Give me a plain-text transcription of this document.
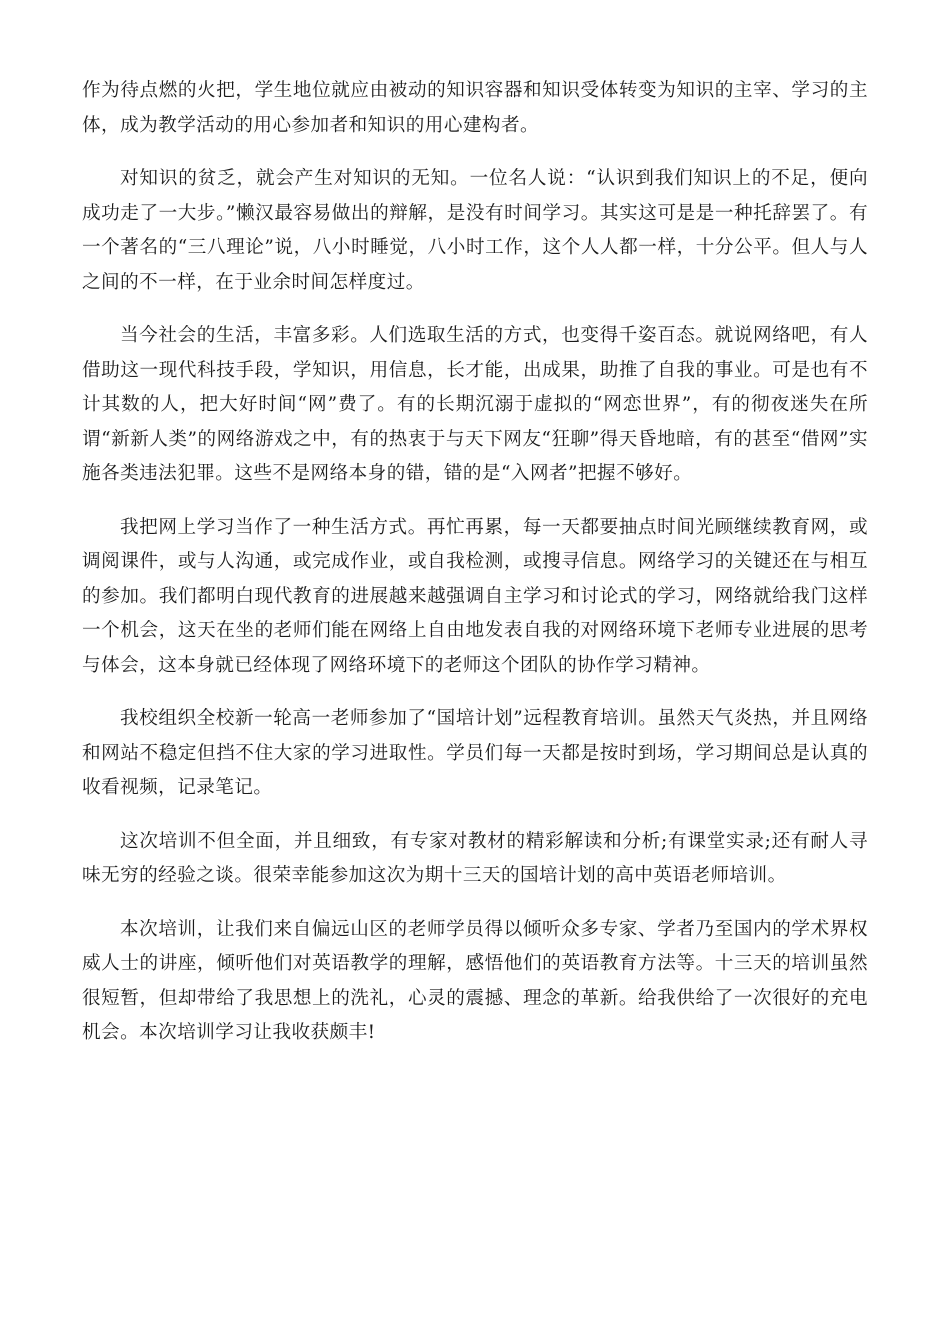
作为待点燃的火把，学生地位就应由被动的知识容器和知识受体转变为知识的主宰、学习的主体，成为教学活动的用心参加者和知识的用心建构者。

对知识的贫乏，就会产生对知识的无知。一位名人说：“认识到我们知识上的不足，便向成功走了一大步。”懒汉最容易做出的辩解，是没有时间学习。其实这可是是一种托辞罢了。有一个著名的“三八理论”说，八小时睡觉，八小时工作，这个人人都一样，十分公平。但人与人之间的不一样，在于业余时间怎样度过。

当今社会的生活，丰富多彩。人们选取生活的方式，也变得千姿百态。就说网络吧，有人借助这一现代科技手段，学知识，用信息，长才能，出成果，助推了自我的事业。可是也有不计其数的人，把大好时间“网”费了。有的长期沉溺于虚拟的“网恋世界”，有的彻夜迷失在所谓“新新人类”的网络游戏之中，有的热衷于与天下网友“狂聊”得天昏地暗，有的甚至“借网”实施各类违法犯罪。这些不是网络本身的错，错的是“入网者”把握不够好。

我把网上学习当作了一种生活方式。再忙再累，每一天都要抽点时间光顾继续教育网，或调阅课件，或与人沟通，或完成作业，或自我检测，或搜寻信息。网络学习的关键还在与相互的参加。我们都明白现代教育的进展越来越强调自主学习和讨论式的学习，网络就给我门这样一个机会，这天在坐的老师们能在网络上自由地发表自我的对网络环境下老师专业进展的思考与体会，这本身就已经体现了网络环境下的老师这个团队的协作学习精神。

我校组织全校新一轮高一老师参加了“国培计划”远程教育培训。虽然天气炎热，并且网络和网站不稳定但挡不住大家的学习进取性。学员们每一天都是按时到场，学习期间总是认真的收看视频，记录笔记。

这次培训不但全面，并且细致，有专家对教材的精彩解读和分析;有课堂实录;还有耐人寻味无穷的经验之谈。很荣幸能参加这次为期十三天的国培计划的高中英语老师培训。

本次培训，让我们来自偏远山区的老师学员得以倾听众多专家、学者乃至国内的学术界权威人士的讲座，倾听他们对英语教学的理解，感悟他们的英语教育方法等。十三天的培训虽然很短暂，但却带给了我思想上的洗礼，心灵的震撼、理念的革新。给我供给了一次很好的充电机会。本次培训学习让我收获颇丰!
